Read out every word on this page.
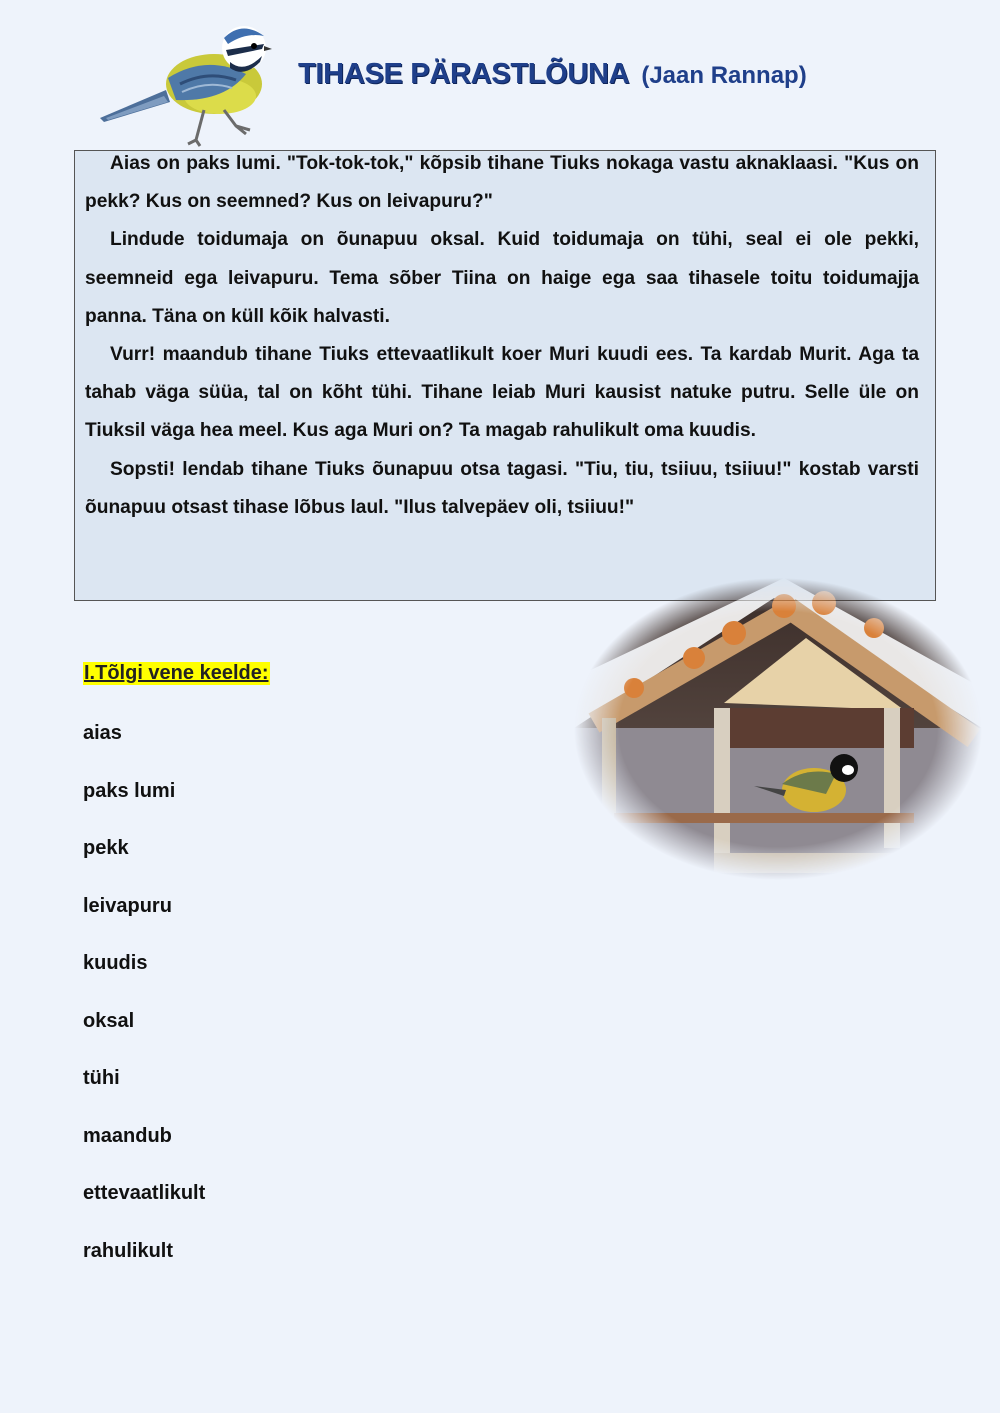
TIHASE PÄRASTLÕUNA (Jaan Rannap)

Aias on paks lumi. "Tok-tok-tok," kõpsib tihane Tiuks nokaga vastu aknaklaasi. "Kus on pekk? Kus on seemned? Kus on leivapuru?"

Lindude toidumaja on õunapuu oksal. Kuid toidumaja on tühi, seal ei ole pekki, seemneid ega leivapuru. Tema sõber Tiina on haige ega saa tihasele toitu toidumajja panna. Täna on küll kõik halvasti.

Vurr! maandub tihane Tiuks ettevaatlikult koer Muri kuudi ees. Ta kardab Murit. Aga ta tahab väga süüa, tal on kõht tühi. Tihane leiab Muri kausist natuke putru. Selle üle on Tiuksil väga hea meel. Kus aga Muri on? Ta magab rahulikult oma kuudis.

Sopsti! lendab tihane Tiuks õunapuu otsa tagasi. "Tiu, tiu, tsiiuu, tsiiuu!" kostab varsti õunapuu otsast tihase lõbus laul. "Ilus talvepäev oli, tsiiuu!"

I.Tõlgi vene keelde:
aias
paks lumi
pekk
leivapuru
kuudis
oksal
tühi
maandub
ettevaatlikult
rahulikult
